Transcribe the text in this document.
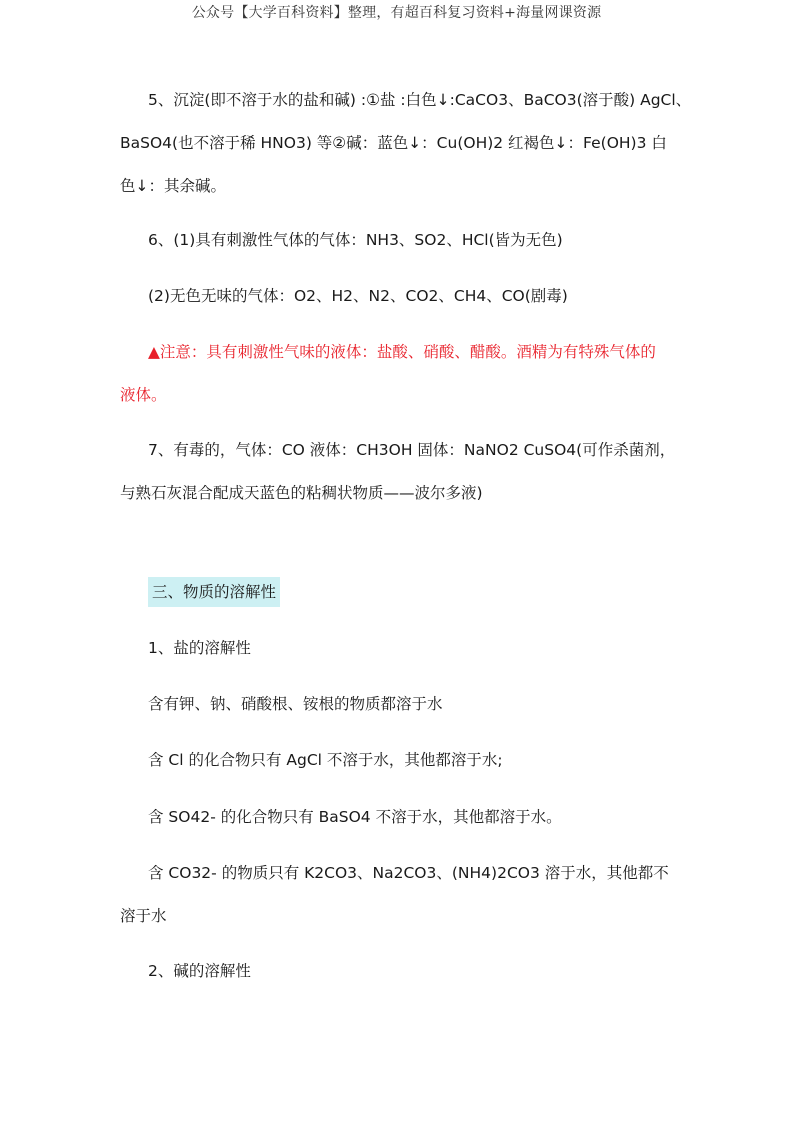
公众号【大学百科资料】整理，有超百科复习资料+海量网课资源
5、沉淀(即不溶于水的盐和碱) :①盐 :白色↓:CaCO3、BaCO3(溶于酸) AgCl、
BaSO4(也不溶于稀 HNO3) 等②碱：蓝色↓：Cu(OH)2 红褐色↓：Fe(OH)3 白
色↓：其余碱。
6、(1)具有刺激性气体的气体：NH3、SO2、HCl(皆为无色)
(2)无色无味的气体：O2、H2、N2、CO2、CH4、CO(剧毒)
▲注意：具有刺激性气味的液体：盐酸、硝酸、醋酸。酒精为有特殊气体的
液体。
7、有毒的，气体：CO 液体：CH3OH 固体：NaNO2 CuSO4(可作杀菌剂，
与熟石灰混合配成天蓝色的粘稠状物质——波尔多液)
三、物质的溶解性
1、盐的溶解性
含有钾、钠、硝酸根、铵根的物质都溶于水
含 Cl 的化合物只有 AgCl 不溶于水，其他都溶于水;
含 SO42- 的化合物只有 BaSO4 不溶于水，其他都溶于水。
含 CO32- 的物质只有 K2CO3、Na2CO3、(NH4)2CO3 溶于水，其他都不
溶于水
2、碱的溶解性
